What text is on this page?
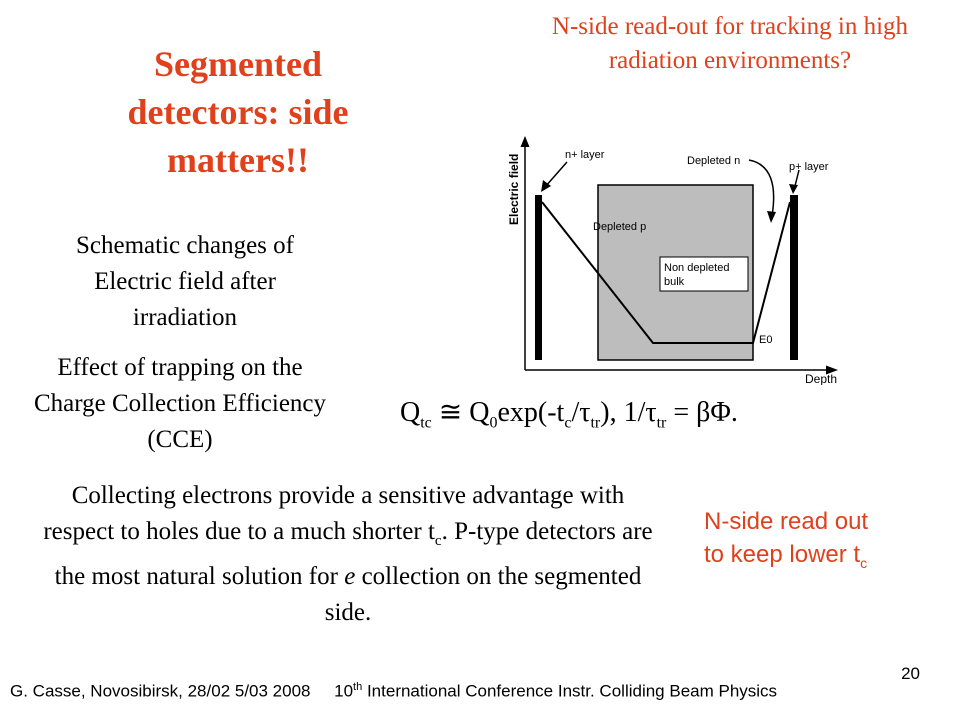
Segmented detectors: side matters!!
N-side read-out for tracking in high radiation environments?
Electric field
Depth
n+ layer	Depleted n	p+ layer
Depleted p
Non depleted
bulk
E0
Schematic changes of Electric field after irradiation
Effect of trapping on the Charge Collection Efficiency (CCE)
$Q_{tc}$ ≅ $Q_0\exp(-t_c/\tau_{tr})$, $1/\tau_{tr} = \beta\Phi$.
Collecting electrons provide a sensitive advantage with respect to holes due to a much shorter $t_c$. P-type detectors are the most natural solution for e collection on the segmented side.
N-side read out to keep lower $t_c$
G. Casse, Novosibirsk, 28/02 5/03 2008 10th International Conference Instr. Colliding Beam Physics
20
